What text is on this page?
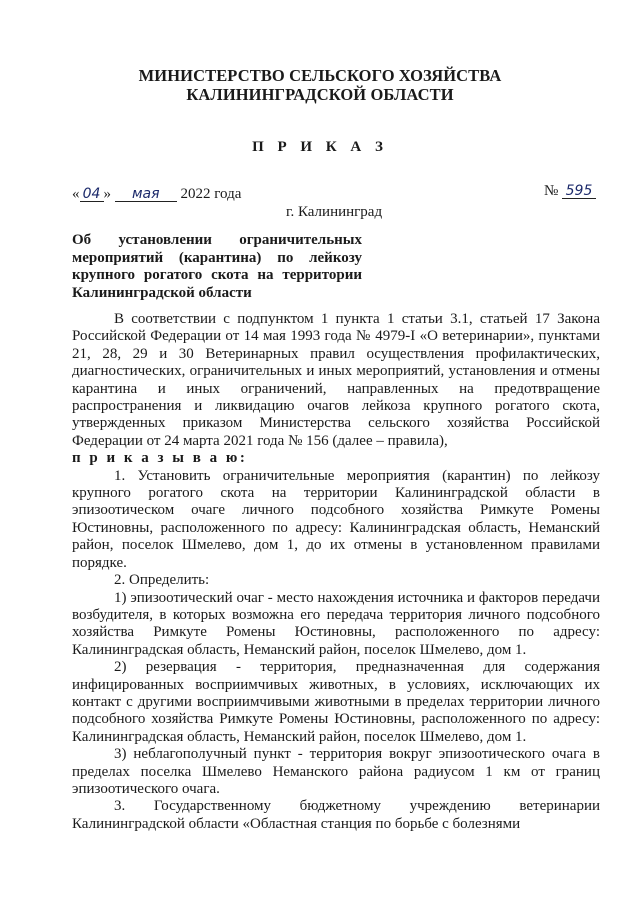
МИНИСТЕРСТВО СЕЛЬСКОГО ХОЗЯЙСТВА
КАЛИНИНГРАДСКОЙ ОБЛАСТИ
П Р И К А З
« 04 » мая 2022 года	№ 595
г. Калининград
Об установлении ограничительных мероприятий (карантина) по лейкозу крупного рогатого скота на территории Калининградской области

В соответствии с подпунктом 1 пункта 1 статьи 3.1, статьей 17 Закона Российской Федерации от 14 мая 1993 года № 4979-I «О ветеринарии», пунктами 21, 28, 29 и 30 Ветеринарных правил осуществления профилактических, диагностических, ограничительных и иных мероприятий, установления и отмены карантина и иных ограничений, направленных на предотвращение распространения и ликвидацию очагов лейкоза крупного рогатого скота, утвержденных приказом Министерства сельского хозяйства Российской Федерации от 24 марта 2021 года № 156 (далее – правила),

п р и к а з ы в а ю:

1. Установить ограничительные мероприятия (карантин) по лейкозу крупного рогатого скота на территории Калининградской области в эпизоотическом очаге личного подсобного хозяйства Римкуте Ромены Юстиновны, расположенного по адресу: Калининградская область, Неманский район, поселок Шмелево, дом 1, до их отмены в установленном правилами порядке.

2. Определить:

1) эпизоотический очаг - место нахождения источника и факторов передачи возбудителя, в которых возможна его передача территория личного подсобного хозяйства Римкуте Ромены Юстиновны, расположенного по адресу: Калининградская область, Неманский район, поселок Шмелево, дом 1.

2) резервация - территория, предназначенная для содержания инфицированных восприимчивых животных, в условиях, исключающих их контакт с другими восприимчивыми животными в пределах территории личного подсобного хозяйства Римкуте Ромены Юстиновны, расположенного по адресу: Калининградская область, Неманский район, поселок Шмелево, дом 1.

3) неблагополучный пункт - территория вокруг эпизоотического очага в пределах поселка Шмелево Неманского района радиусом 1 км от границ эпизоотического очага.

3. Государственному бюджетному учреждению ветеринарии Калининградской области «Областная станция по борьбе с болезнями
